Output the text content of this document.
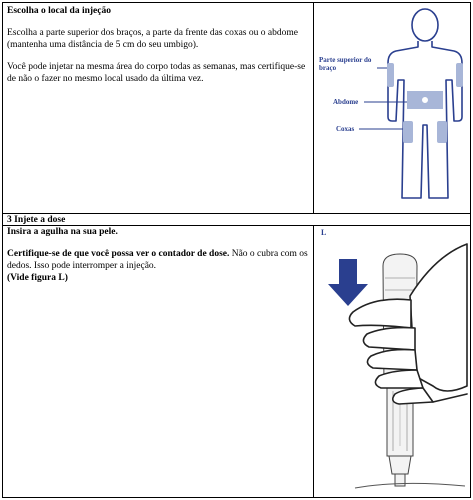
Escolha o local da injeção

Escolha a parte superior dos braços, a parte da frente das coxas ou o abdome (mantenha uma distância de 5 cm do seu umbigo).

Você pode injetar na mesma área do corpo todas as semanas, mas certifique-se de não o fazer no mesmo local usado da última vez.

Parte superior do braço
Abdome
Coxas
3 Injete a dose

Insira a agulha na sua pele.

Certifique-se de que você possa ver o contador de dose. Não o cubra com os dedos. Isso pode interromper a injeção.

(Vide figura L)

L
